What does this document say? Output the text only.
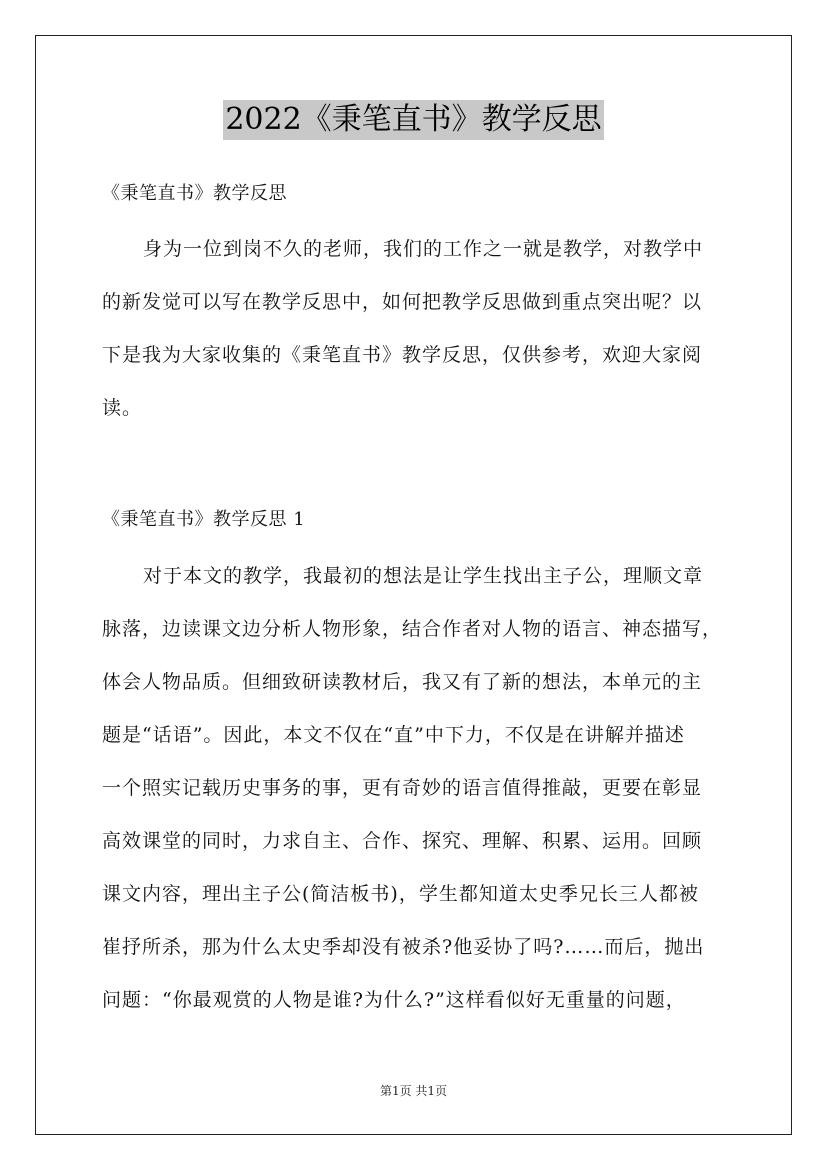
2022《秉笔直书》教学反思
《秉笔直书》教学反思
身为一位到岗不久的老师，我们的工作之一就是教学，对教学中
的新发觉可以写在教学反思中，如何把教学反思做到重点突出呢？以
下是我为大家收集的《秉笔直书》教学反思，仅供参考，欢迎大家阅
读。
《秉笔直书》教学反思 1
对于本文的教学，我最初的想法是让学生找出主子公，理顺文章
脉落，边读课文边分析人物形象，结合作者对人物的语言、神态描写，
体会人物品质。但细致研读教材后，我又有了新的想法，本单元的主
题是“话语”。因此，本文不仅在“直”中下力，不仅是在讲解并描述
一个照实记载历史事务的事，更有奇妙的语言值得推敲，更要在彰显
高效课堂的同时，力求自主、合作、探究、理解、积累、运用。回顾
课文内容，理出主子公(简洁板书)，学生都知道太史季兄长三人都被
崔抒所杀，那为什么太史季却没有被杀?他妥协了吗?……而后，抛出
问题：“你最观赏的人物是谁?为什么?”这样看似好无重量的问题，
第1页 共1页
